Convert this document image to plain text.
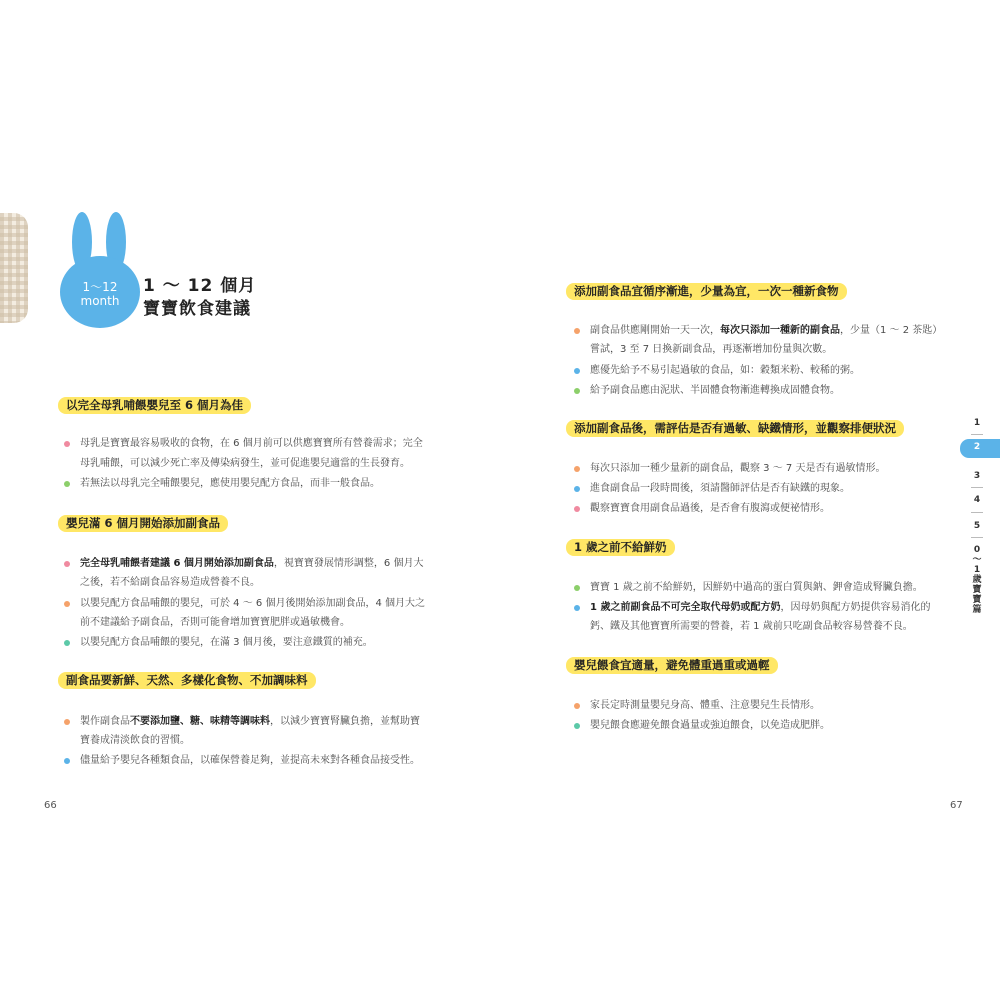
1～12
month
1 ～ 12 個月
寶寶飲食建議
以完全母乳哺餵嬰兒至 6 個月為佳
母乳是寶寶最容易吸收的食物，在 6 個月前可以供應寶寶所有營養需求；完全
母乳哺餵，可以減少死亡率及傳染病發生，並可促進嬰兒適當的生長發育。
若無法以母乳完全哺餵嬰兒，應使用嬰兒配方食品，而非一般食品。
嬰兒滿 6 個月開始添加副食品
完全母乳哺餵者建議 6 個月開始添加副食品，視寶寶發展情形調整，6 個月大
之後，若不給副食品容易造成營養不良。
以嬰兒配方食品哺餵的嬰兒，可於 4 ～ 6 個月後開始添加副食品，4 個月大之
前不建議給予副食品，否則可能會增加寶寶肥胖或過敏機會。
以嬰兒配方食品哺餵的嬰兒，在滿 3 個月後，要注意鐵質的補充。
副食品要新鮮、天然、多樣化食物、不加調味料
製作副食品不要添加鹽、糖、味精等調味料，以減少寶寶腎臟負擔，並幫助寶
寶養成清淡飲食的習慣。
儘量給予嬰兒各種類食品，以確保營養足夠，並提高未來對各種食品接受性。
66
添加副食品宜循序漸進，少量為宜，一次一種新食物
副食品供應剛開始一天一次，每次只添加一種新的副食品，少量（1 ～ 2 茶匙）
嘗試，3 至 7 日換新副食品，再逐漸增加份量與次數。
應優先給予不易引起過敏的食品，如：穀類米粉、較稀的粥。
給予副食品應由泥狀、半固體食物漸進轉換成固體食物。
添加副食品後，需評估是否有過敏、缺鐵情形，並觀察排便狀況
每次只添加一種少量新的副食品，觀察 3 ～ 7 天是否有過敏情形。
進食副食品一段時間後，須請醫師評估是否有缺鐵的現象。
觀察寶寶食用副食品過後，是否會有腹瀉或便祕情形。
1 歲之前不給鮮奶
寶寶 1 歲之前不給鮮奶，因鮮奶中過高的蛋白質與鈉、鉀會造成腎臟負擔。
1 歲之前副食品不可完全取代母奶或配方奶，因母奶與配方奶提供容易消化的
鈣、鐵及其他寶寶所需要的營養，若 1 歲前只吃副食品較容易營養不良。
嬰兒餵食宜適量，避免體重過重或過輕
家長定時測量嬰兒身高、體重、注意嬰兒生長情形。
嬰兒餵食應避免餵食過量或強迫餵食，以免造成肥胖。
67
1
2
3
4
5
0
～
1
歲
寶
寶
篇
